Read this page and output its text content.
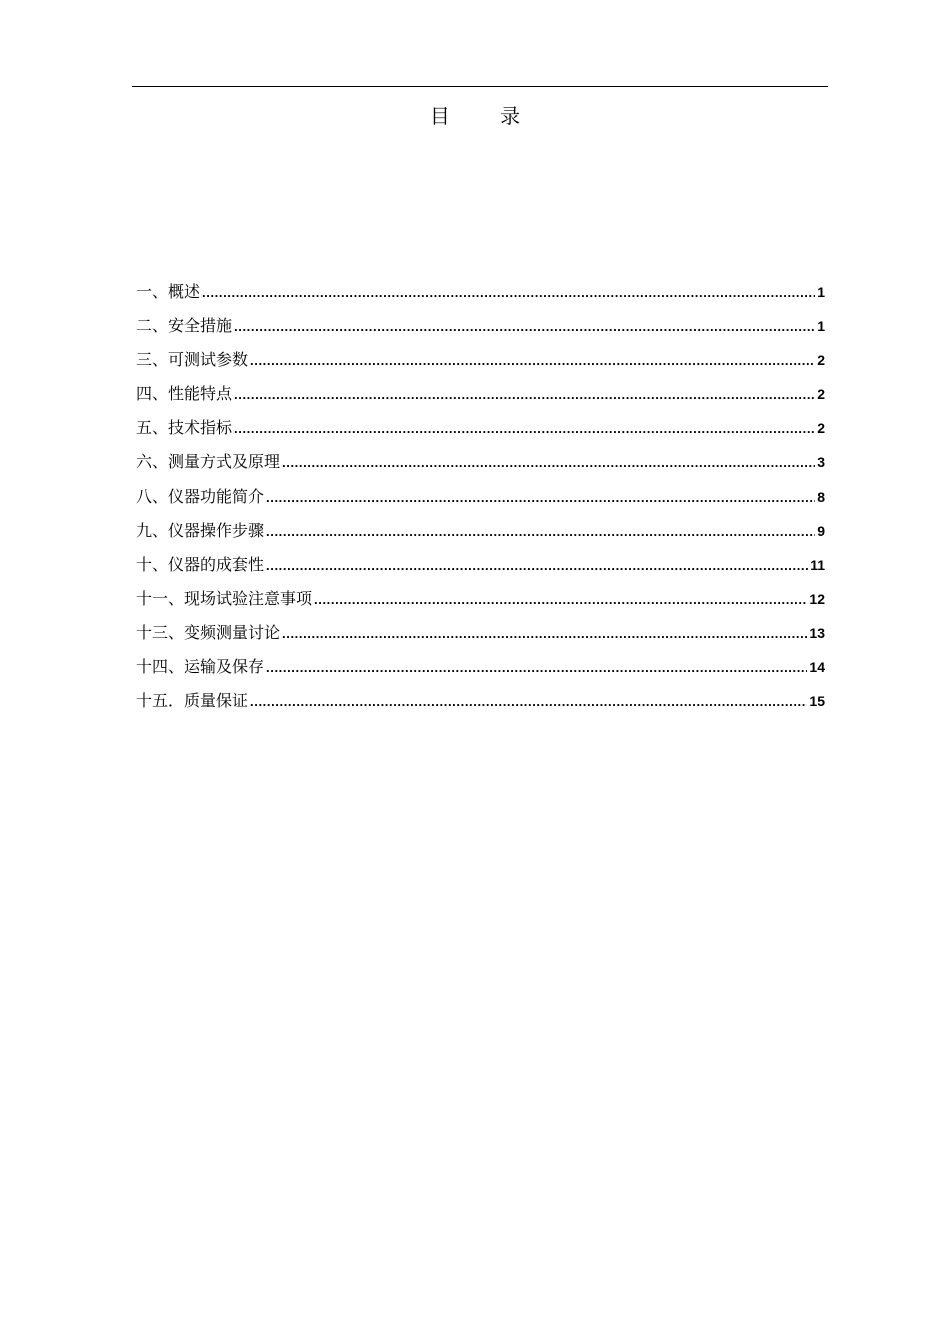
目 录
一、概述 .....	1
二、安全措施 .....	1
三、可测试参数 .....	2
四、性能特点 .....	2
五、技术指标 .....	2
六、测量方式及原理 .....	3
八、仪器功能简介 .....	8
九、仪器操作步骤 .....	9
十、仪器的成套性 .....	11
十一、现场试验注意事项 .....	12
十三、变频测量讨论 .....	13
十四、运输及保存 .....	14
十五．质量保证 .....	15
